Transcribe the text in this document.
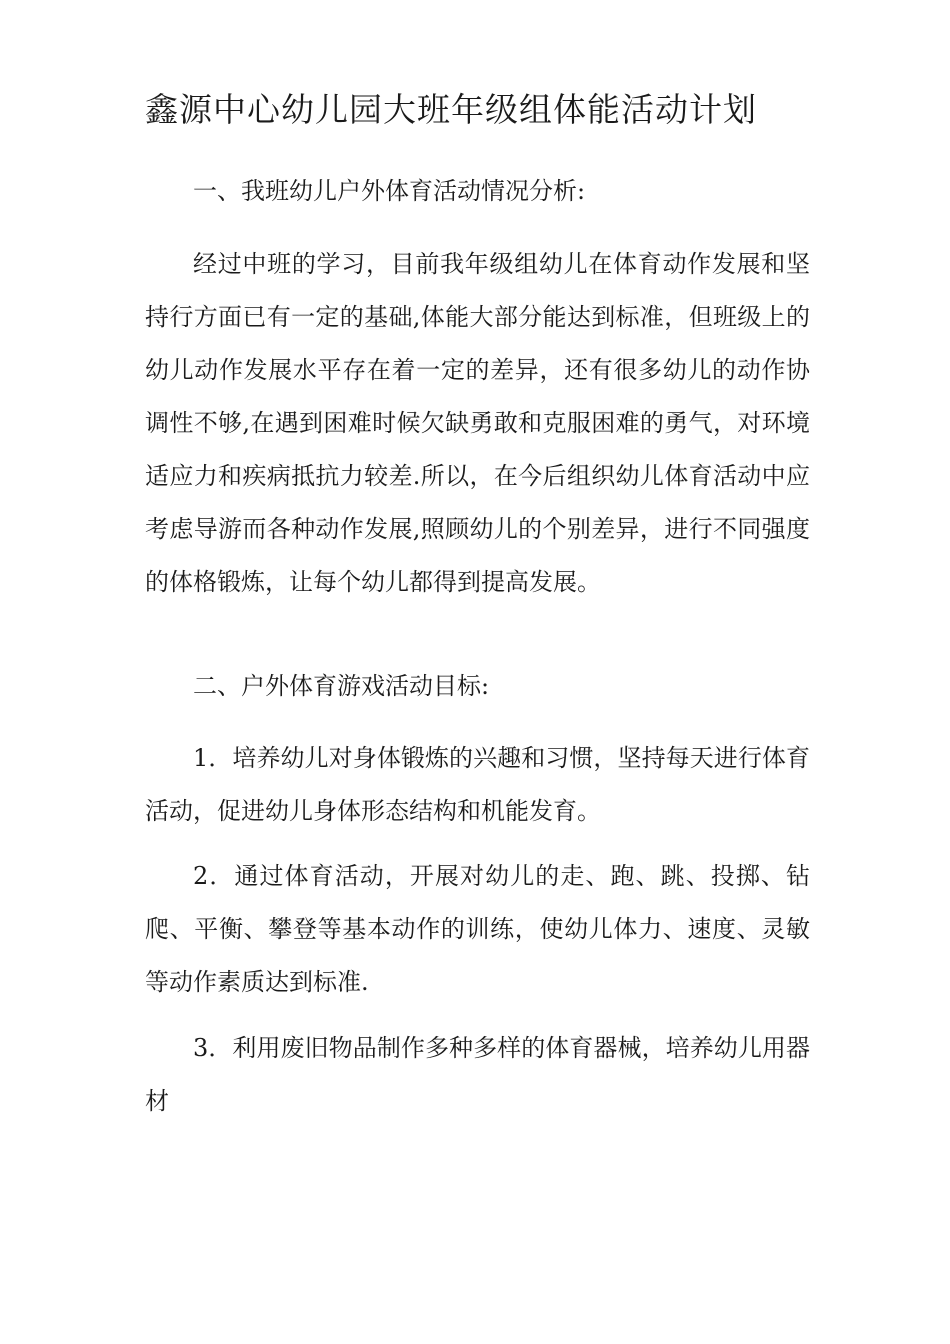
鑫源中心幼儿园大班年级组体能活动计划

一、我班幼儿户外体育活动情况分析:

经过中班的学习，目前我年级组幼儿在体育动作发展和坚持行方面已有一定的基础,体能大部分能达到标准，但班级上的幼儿动作发展水平存在着一定的差异，还有很多幼儿的动作协调性不够,在遇到困难时候欠缺勇敢和克服困难的勇气，对环境适应力和疾病抵抗力较差.所以，在今后组织幼儿体育活动中应考虑导游而各种动作发展,照顾幼儿的个别差异，进行不同强度的体格锻炼，让每个幼儿都得到提高发展。

二、户外体育游戏活动目标:

1．培养幼儿对身体锻炼的兴趣和习惯，坚持每天进行体育活动，促进幼儿身体形态结构和机能发育。

2．通过体育活动，开展对幼儿的走、跑、跳、投掷、钻爬、平衡、攀登等基本动作的训练，使幼儿体力、速度、灵敏等动作素质达到标准.

3．利用废旧物品制作多种多样的体育器械，培养幼儿用器材
